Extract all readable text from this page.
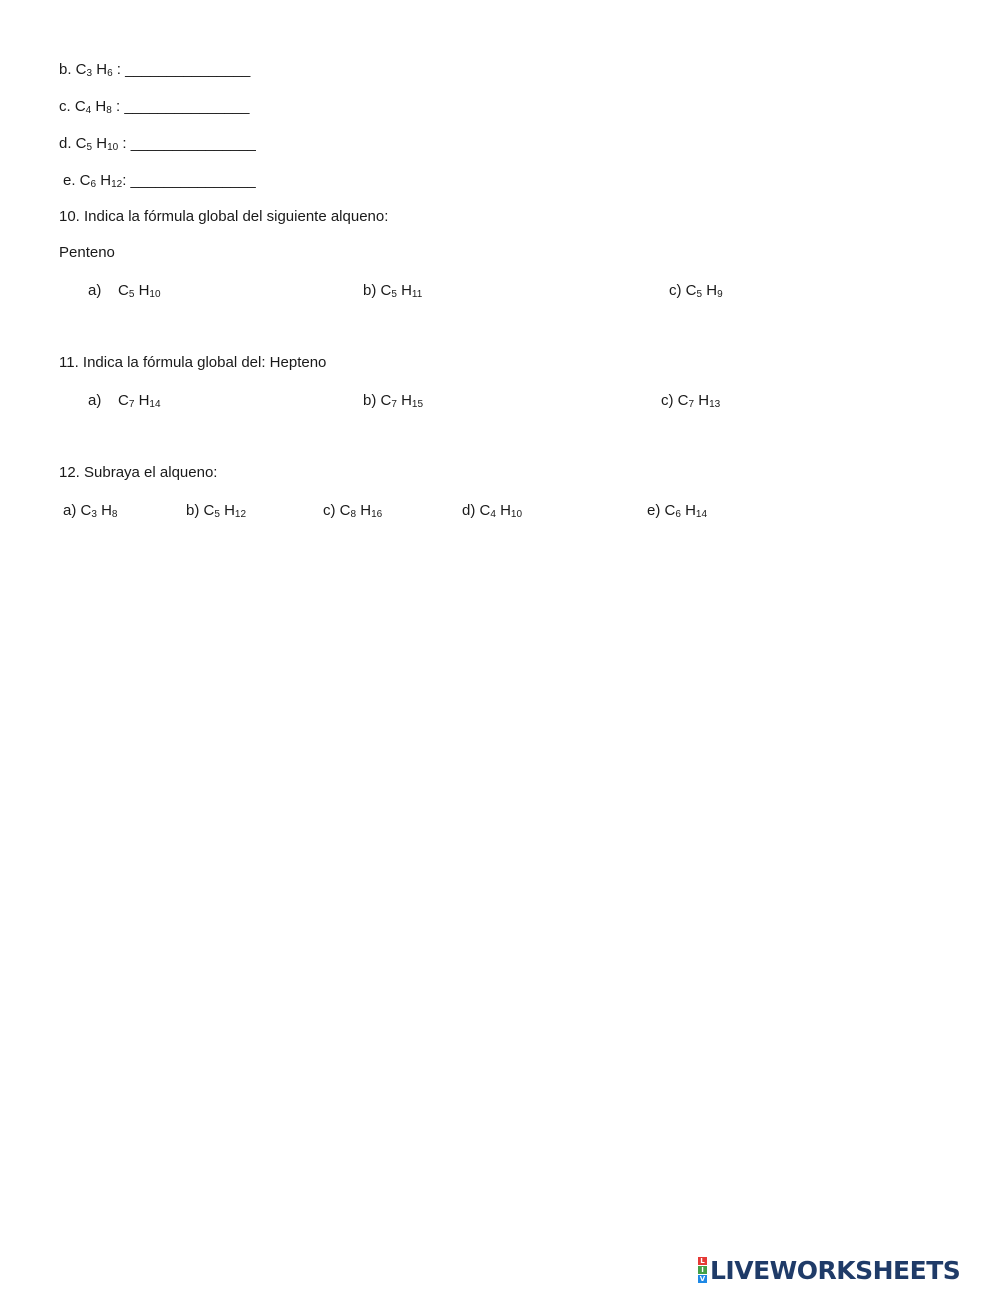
b. $C_3$ $H_6$ : _______________
c. $C_4$ $H_8$ : _______________
d. $C_5$ $H_{10}$ : _______________
e. $C_6$ $H_{12}$: _______________
10. Indica la fórmula global del siguiente alqueno:
Penteno
a)    $C_5$ $H_{10}$	b) $C_5$ $H_{11}$	c) $C_5$ $H_9$
11. Indica la fórmula global del: Hepteno
a)    $C_7$ $H_{14}$	b) $C_7$ $H_{15}$	c) $C_7$ $H_{13}$
12. Subraya el alqueno:
a) $C_3$ $H_8$	b) $C_5$ $H_{12}$	c) $C_8$ $H_{16}$	d) $C_4$ $H_{10}$	e) $C_6$ $H_{14}$
L
I
V LIVEWORKSHEETS
